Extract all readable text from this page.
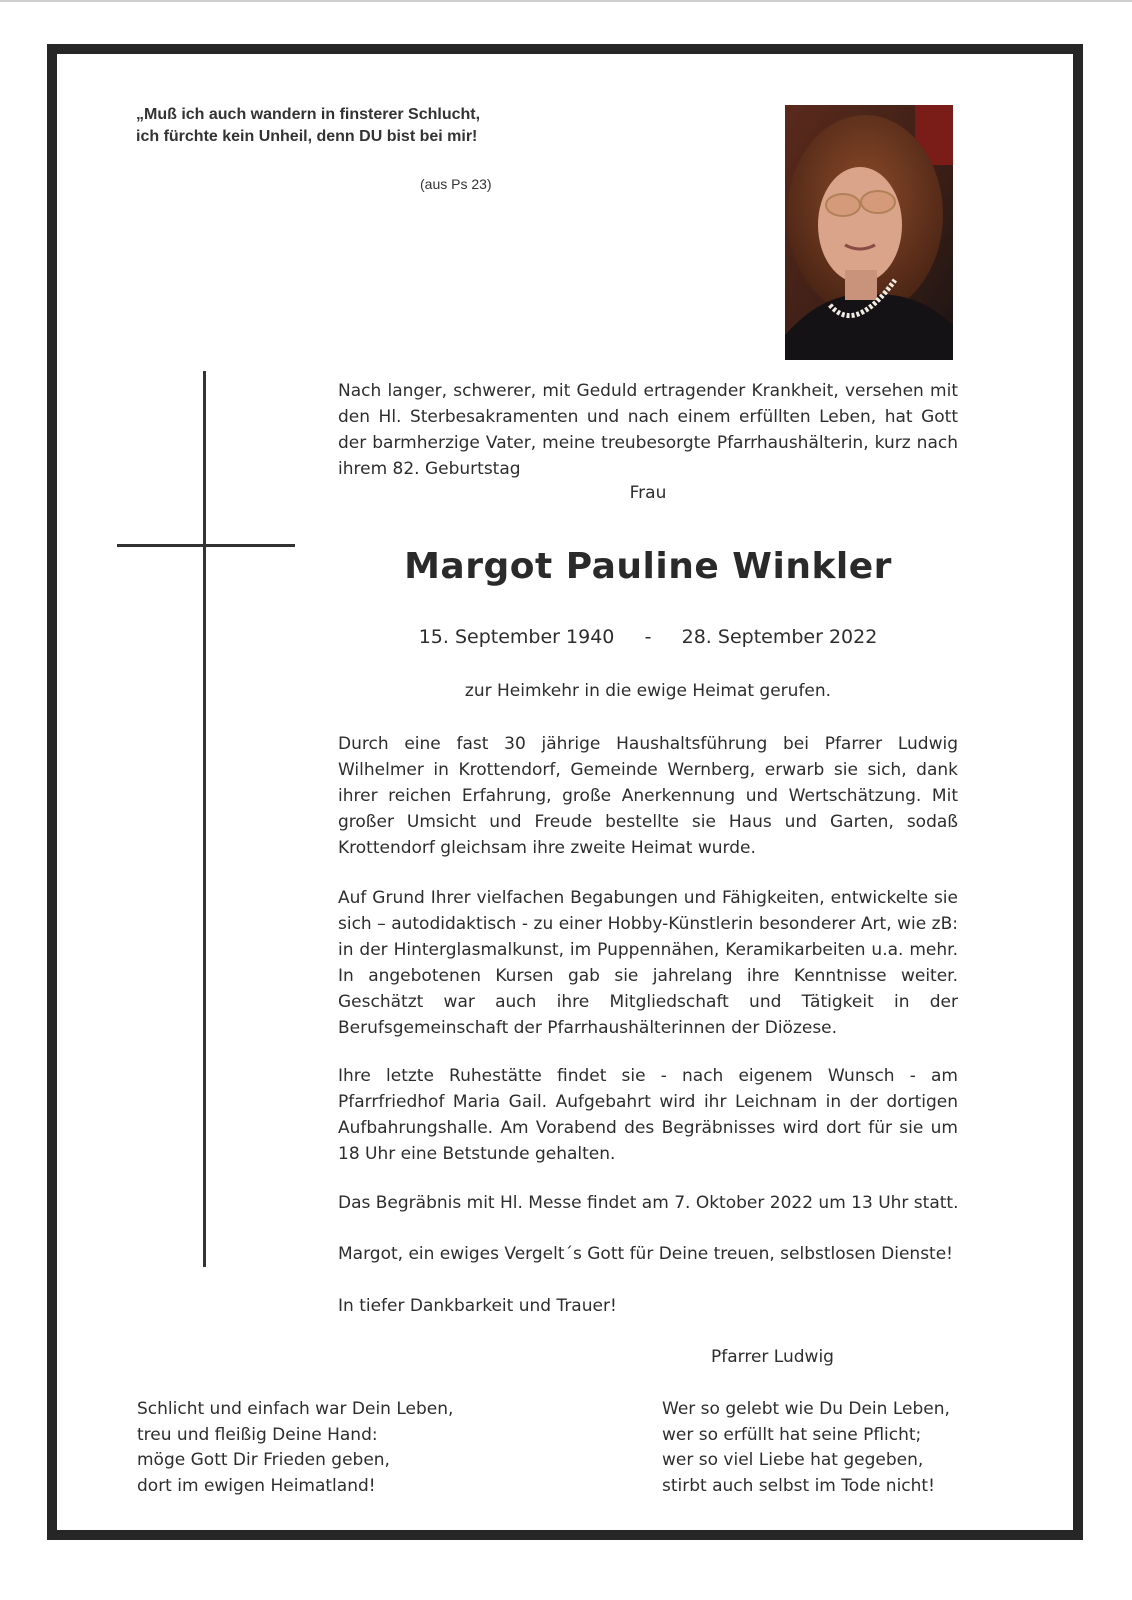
„Muß ich auch wandern in finsterer Schlucht,
ich fürchte kein Unheil, denn DU bist bei mir!
(aus Ps 23)

Nach langer, schwerer, mit Geduld ertragender Krankheit, versehen mit den Hl. Sterbesakramenten und nach einem erfüllten Leben, hat Gott der barmherzige Vater, meine treubesorgte Pfarrhaushälterin, kurz nach ihrem 82. Geburtstag

Frau
Margot Pauline Winkler
15. September 1940     -     28. September 2022
zur Heimkehr in die ewige Heimat gerufen.

Durch eine fast 30 jährige Haushaltsführung bei Pfarrer Ludwig Wilhelmer in Krottendorf, Gemeinde Wernberg, erwarb sie sich, dank ihrer reichen Erfahrung, große Anerkennung und Wertschätzung. Mit großer Umsicht und Freude bestellte sie Haus und Garten, sodaß Krottendorf gleichsam ihre zweite Heimat wurde.

Auf Grund Ihrer vielfachen Begabungen und Fähigkeiten, entwickelte sie sich – autodidaktisch - zu einer Hobby-Künstlerin besonderer Art, wie zB: in der Hinterglasmalkunst, im Puppennähen, Keramikarbeiten u.a. mehr. In angebotenen Kursen gab sie jahrelang ihre Kenntnisse weiter. Geschätzt war auch ihre Mitgliedschaft und Tätigkeit in der Berufsgemeinschaft der Pfarrhaushälterinnen der Diözese.

Ihre letzte Ruhestätte findet sie - nach eigenem Wunsch - am Pfarrfriedhof Maria Gail. Aufgebahrt wird ihr Leichnam in der dortigen Aufbahrungshalle. Am Vorabend des Begräbnisses wird dort für sie um 18 Uhr eine Betstunde gehalten.

Das Begräbnis mit Hl. Messe findet am 7. Oktober 2022 um 13 Uhr statt.
Margot, ein ewiges Vergelt´s Gott für Deine treuen, selbstlosen Dienste!
In tiefer Dankbarkeit und Trauer!
Pfarrer Ludwig
Schlicht und einfach war Dein Leben,
treu und fleißig Deine Hand:
möge Gott Dir Frieden geben,
dort im ewigen Heimatland!
Wer so gelebt wie Du Dein Leben,
wer so erfüllt hat seine Pflicht;
wer so viel Liebe hat gegeben,
stirbt auch selbst im Tode nicht!
